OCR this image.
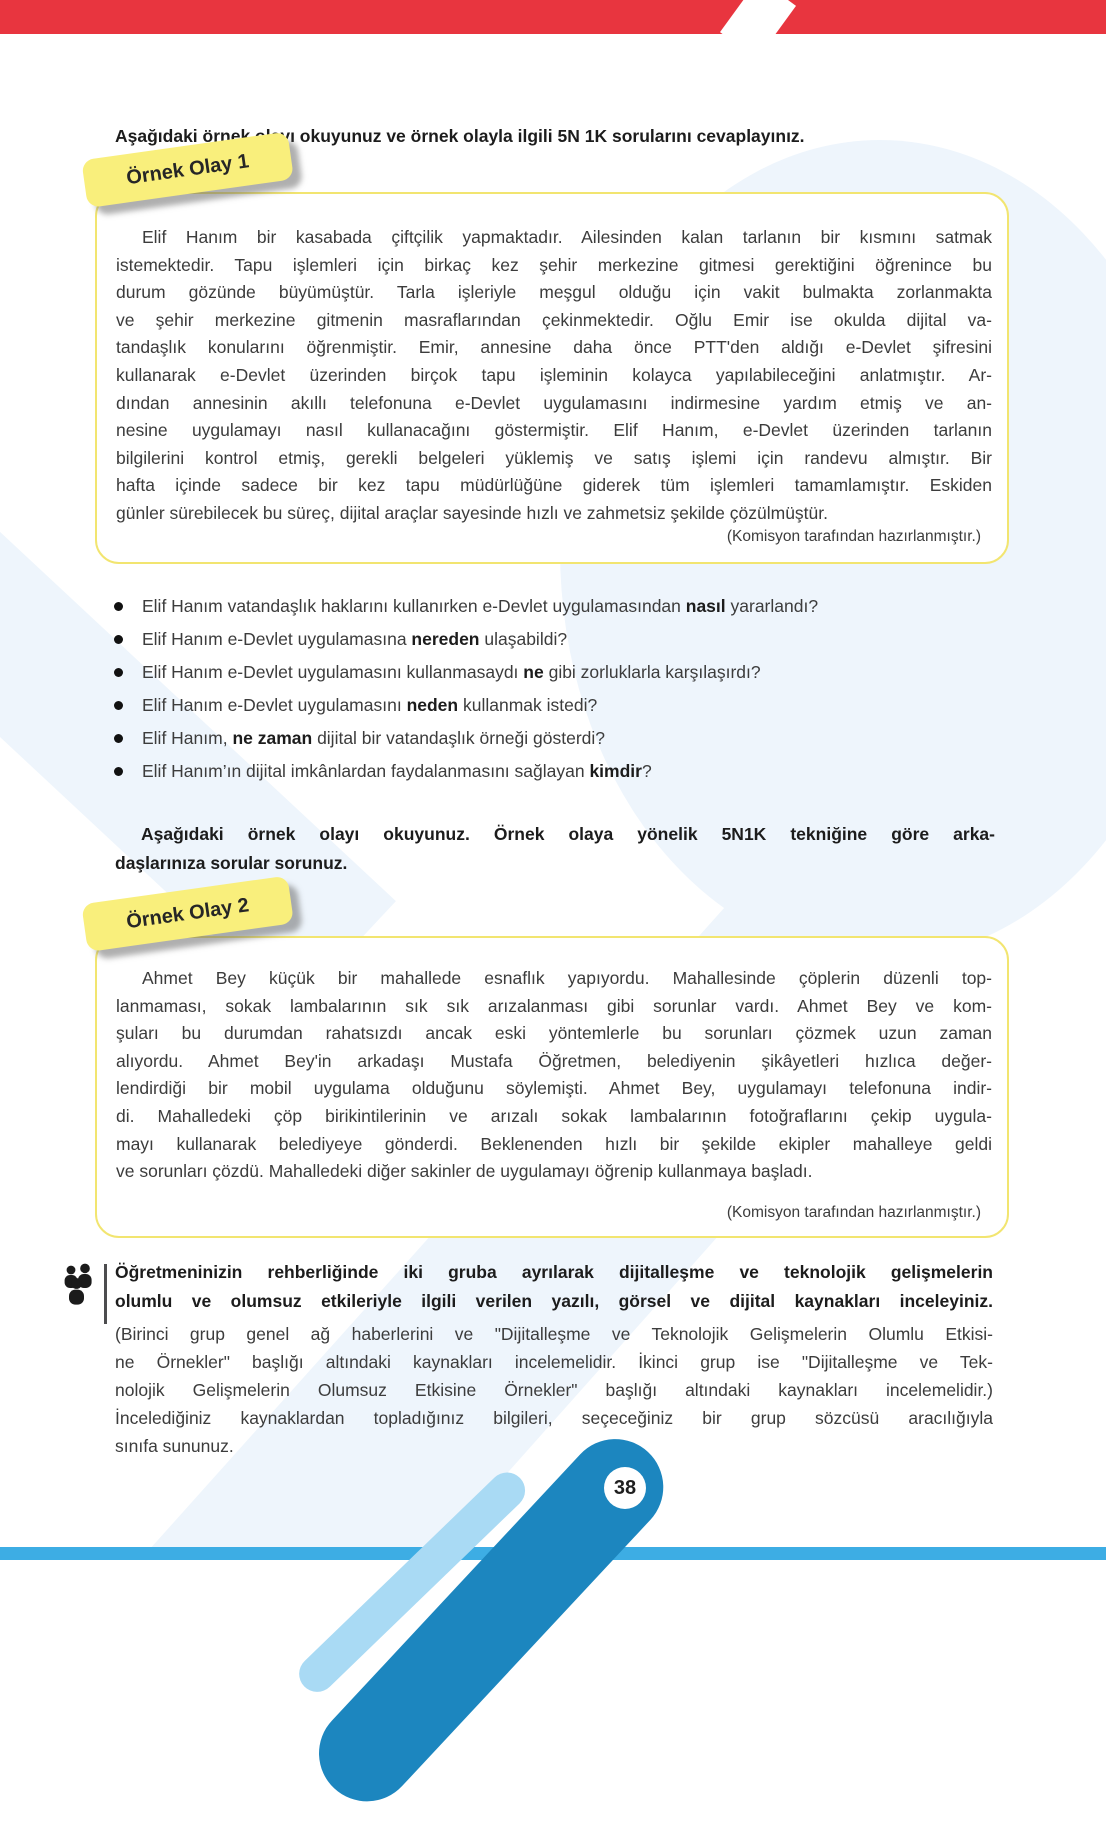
Aşağıdaki örnek olayı okuyunuz ve örnek olayla ilgili 5N 1K sorularını cevaplayınız.

Elif Hanım bir kasabada çiftçilik yapmaktadır. Ailesinden kalan tarlanın bir kısmını satmak
istemektedir. Tapu işlemleri için birkaç kez şehir merkezine gitmesi gerektiğini öğrenince bu
durum gözünde büyümüştür. Tarla işleriyle meşgul olduğu için vakit bulmakta zorlanmakta
ve şehir merkezine gitmenin masraflarından çekinmektedir. Oğlu Emir ise okulda dijital va-
tandaşlık konularını öğrenmiştir. Emir, annesine daha önce PTT'den aldığı e-Devlet şifresini
kullanarak e-Devlet üzerinden birçok tapu işleminin kolayca yapılabileceğini anlatmıştır. Ar-
dından annesinin akıllı telefonuna e-Devlet uygulamasını indirmesine yardım etmiş ve an-
nesine uygulamayı nasıl kullanacağını göstermiştir. Elif Hanım, e-Devlet üzerinden tarlanın
bilgilerini kontrol etmiş, gerekli belgeleri yüklemiş ve satış işlemi için randevu almıştır. Bir
hafta içinde sadece bir kez tapu müdürlüğüne giderek tüm işlemleri tamamlamıştır. Eskiden
günler sürebilecek bu süreç, dijital araçlar sayesinde hızlı ve zahmetsiz şekilde çözülmüştür.
(Komisyon tarafından hazırlanmıştır.)
Örnek Olay 1
Elif Hanım vatandaşlık haklarını kullanırken e-Devlet uygulamasından nasıl yararlandı?
Elif Hanım e-Devlet uygulamasına nereden ulaşabildi?
Elif Hanım e-Devlet uygulamasını kullanmasaydı ne gibi zorluklarla karşılaşırdı?
Elif Hanım e-Devlet uygulamasını neden kullanmak istedi?
Elif Hanım, ne zaman dijital bir vatandaşlık örneği gösterdi?
Elif Hanım’ın dijital imkânlardan faydalanmasını sağlayan kimdir?
Aşağıdaki örnek olayı okuyunuz. Örnek olaya yönelik 5N1K tekniğine göre arka-
daşlarınıza sorular sorunuz.
Ahmet Bey küçük bir mahallede esnaflık yapıyordu. Mahallesinde çöplerin düzenli top-
lanmaması, sokak lambalarının sık sık arızalanması gibi sorunlar vardı. Ahmet Bey ve kom-
şuları bu durumdan rahatsızdı ancak eski yöntemlerle bu sorunları çözmek uzun zaman
alıyordu. Ahmet Bey'in arkadaşı Mustafa Öğretmen, belediyenin şikâyetleri hızlıca değer-
lendirdiği bir mobil uygulama olduğunu söylemişti. Ahmet Bey, uygulamayı telefonuna indir-
di. Mahalledeki çöp birikintilerinin ve arızalı sokak lambalarının fotoğraflarını çekip uygula-
mayı kullanarak belediyeye gönderdi. Beklenenden hızlı bir şekilde ekipler mahalleye geldi
ve sorunları çözdü. Mahalledeki diğer sakinler de uygulamayı öğrenip kullanmaya başladı.
(Komisyon tarafından hazırlanmıştır.)
Örnek Olay 2
Öğretmeninizin rehberliğinde iki gruba ayrılarak dijitalleşme ve teknolojik gelişmelerin
olumlu ve olumsuz etkileriyle ilgili verilen yazılı, görsel ve dijital kaynakları inceleyiniz.
(Birinci grup genel ağ haberlerini ve "Dijitalleşme ve Teknolojik Gelişmelerin Olumlu Etkisi-
ne Örnekler" başlığı altındaki kaynakları incelemelidir. İkinci grup ise "Dijitalleşme ve Tek-
nolojik Gelişmelerin Olumsuz Etkisine Örnekler" başlığı altındaki kaynakları incelemelidir.)
İncelediğiniz kaynaklardan topladığınız bilgileri, seçeceğiniz bir grup sözcüsü aracılığıyla
sınıfa sununuz.
38
